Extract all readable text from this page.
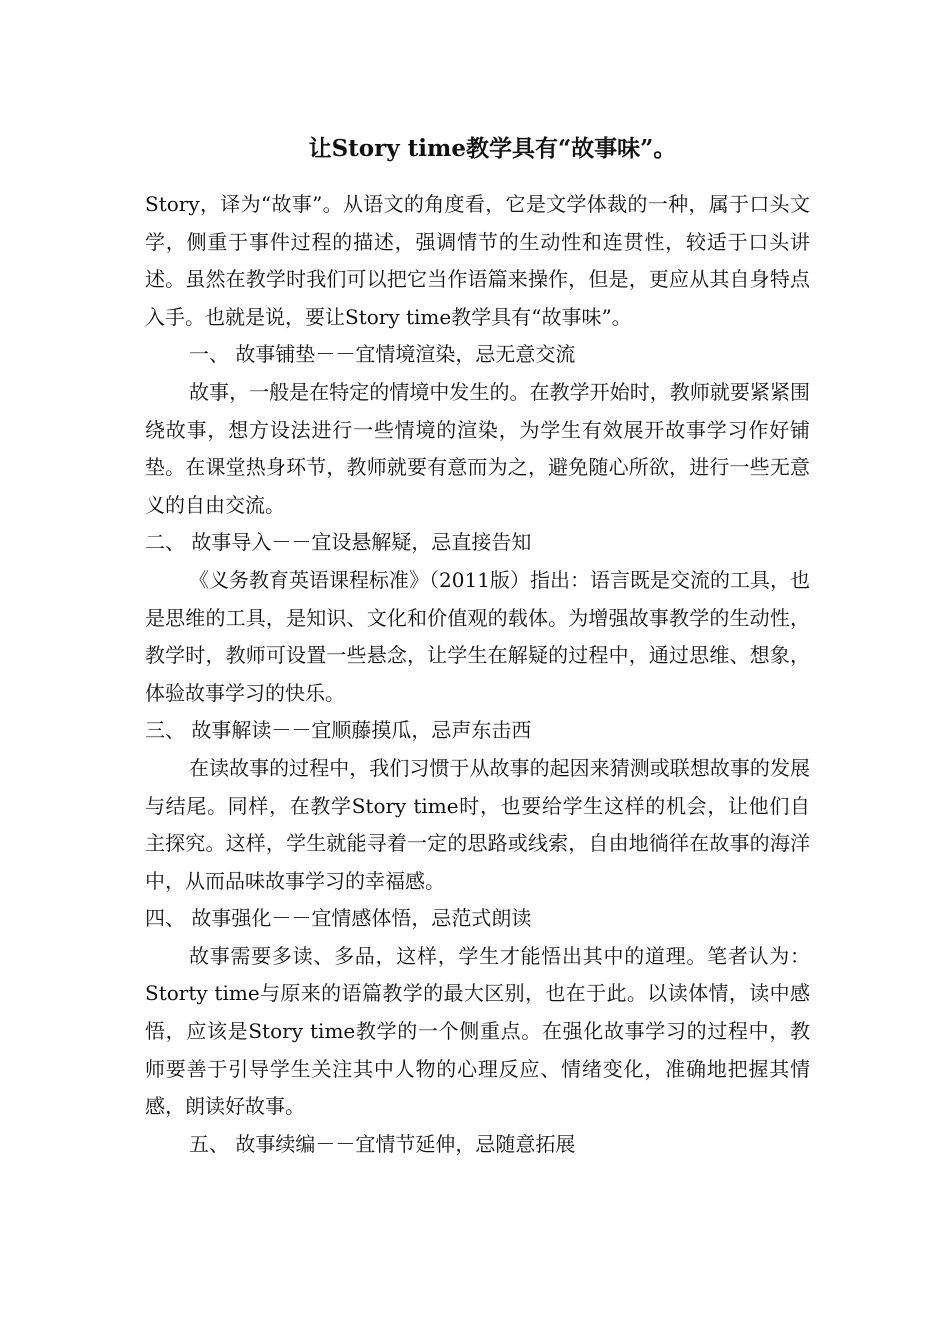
让Story time教学具有“故事味”。

Story，译为“故事”。从语文的角度看，它是文学体裁的一种，属于口头文学，侧重于事件过程的描述，强调情节的生动性和连贯性，较适于口头讲述。虽然在教学时我们可以把它当作语篇来操作，但是，更应从其自身特点入手。也就是说，要让Story time教学具有“故事味”。

一、 故事铺垫－－宜情境渲染，忌无意交流

故事，一般是在特定的情境中发生的。在教学开始时，教师就要紧紧围绕故事，想方设法进行一些情境的渲染，为学生有效展开故事学习作好铺垫。在课堂热身环节，教师就要有意而为之，避免随心所欲，进行一些无意义的自由交流。

二、 故事导入－－宜设悬解疑，忌直接告知

《义务教育英语课程标准》（2011版）指出：语言既是交流的工具，也是思维的工具，是知识、文化和价值观的载体。为增强故事教学的生动性，教学时，教师可设置一些悬念，让学生在解疑的过程中，通过思维、想象，体验故事学习的快乐。

三、 故事解读－－宜顺藤摸瓜，忌声东击西

在读故事的过程中，我们习惯于从故事的起因来猜测或联想故事的发展与结尾。同样，在教学Story time时，也要给学生这样的机会，让他们自主探究。这样，学生就能寻着一定的思路或线索，自由地徜徉在故事的海洋中，从而品味故事学习的幸福感。

四、 故事强化－－宜情感体悟，忌范式朗读

故事需要多读、多品，这样，学生才能悟出其中的道理。笔者认为：Storty time与原来的语篇教学的最大区别，也在于此。以读体情，读中感悟，应该是Story time教学的一个侧重点。在强化故事学习的过程中，教师要善于引导学生关注其中人物的心理反应、情绪变化，准确地把握其情感，朗读好故事。

五、 故事续编－－宜情节延伸，忌随意拓展
